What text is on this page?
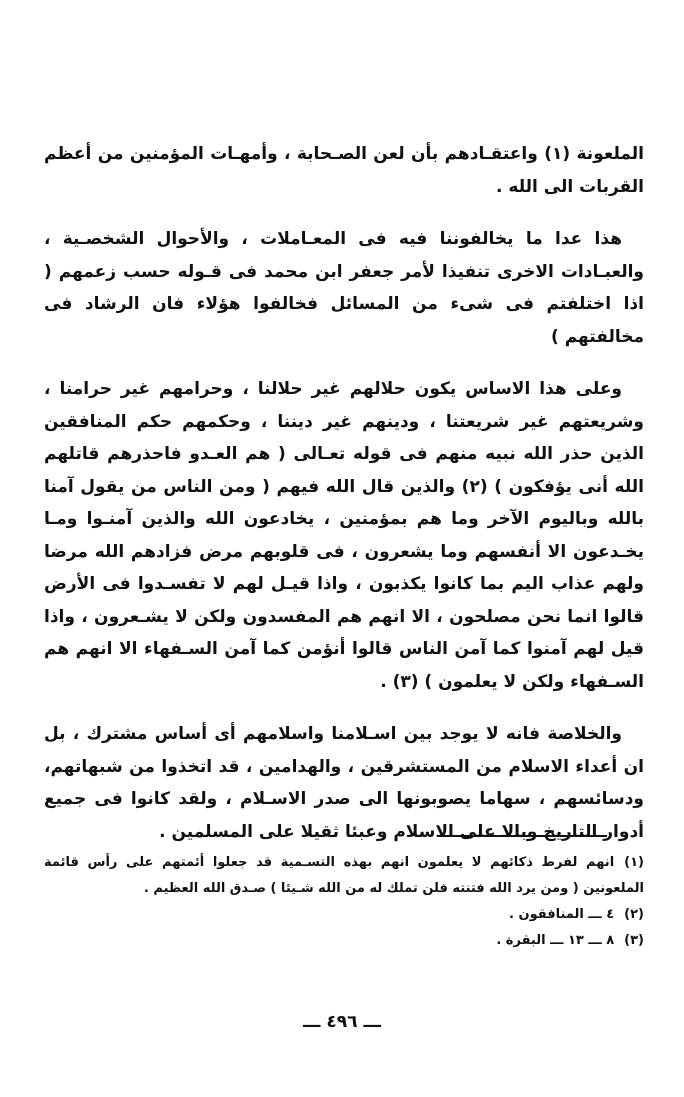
الملعونة (١) واعتقـادهم بأن لعن الصـحابة ، وأمهـات المؤمنين من أعظم القربات الى الله .

هذا عدا ما يخالفوننا فيه فى المعـاملات ، والأحوال الشخصـية ، والعبـادات الاخرى تنفيذا لأمر جعفر ابن محمد فى قـوله حسب زعمهم ( اذا اختلفتم فى شىء من المسائل فخالفوا هؤلاء فان الرشاد فى مخالفتهم )

وعلى هذا الاساس يكون حلالهم غير حلالنا ، وحرامهم غير حرامنا ، وشريعتهم غير شريعتنا ، ودينهم غير ديننا ، وحكمهم حكم المنافقين الذين حذر الله نبيه منهم فى قوله تعـالى ( هم العـدو فاحذرهم قاتلهم الله أنى يؤفكون ) (٢) والذين قال الله فيهم ( ومن الناس من يقول آمنا بالله وباليوم الآخر وما هم بمؤمنين ، يخادعون الله والذين آمنـوا ومـا يخـدعون الا أنفسهم وما يشعرون ، فى قلوبهم مرض فزادهم الله مرضا ولهم عذاب اليم بما كانوا يكذبون ، واذا قيـل لهم لا تفسـدوا فى الأرض قالوا انما نحن مصلحون ، الا انهم هم المفسدون ولكن لا يشـعرون ، واذا قيل لهم آمنوا كما آمن الناس قالوا أنؤمن كما آمن السـفهاء الا انهم هم السـفهاء ولكن لا يعلمون ) (٣) .

والخلاصة فانه لا يوجد بين اسـلامنا واسلامهم أى أساس مشترك ، بل ان أعداء الاسلام من المستشرقين ، والهدامين ، قد اتخذوا من شبهاتهم، ودسائسهم ، سهاما يصوبونها الى صدر الاسـلام ، ولقد كانوا فى جميع أدوار التاريخ وبالا على الاسلام وعبئا ثقيلا على المسلمين .

(١)انهم لفرط ذكائهم لا يعلمون انهم بهذه التسـمية قد جعلوا أئمتهم على رأس قائمة الملعونين ( ومن يرد الله فتنته فلن تملك له من الله شـيئا ) صـدق الله العظيم .

(٢)٤ ـــ المنافقون .

(٣)٨ ـــ ١٣ ـــ البقرة .

ـــ ٤٩٦ ـــ
